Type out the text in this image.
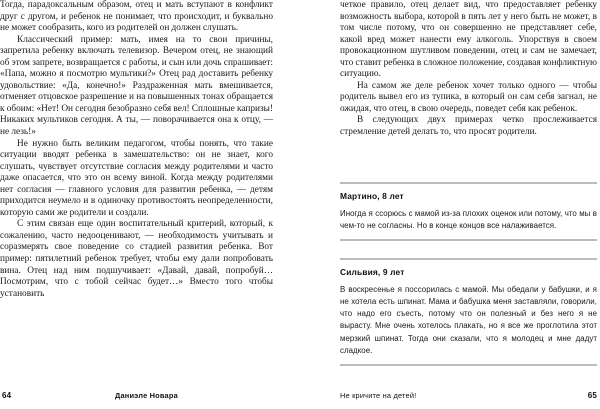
Тогда, парадоксальным образом, отец и мать вступают в конфликт друг с другом, и ребенок не понимает, что происходит, и буквально не может сообразить, кого из родителей он должен слушать.

Классический пример: мать, имея на то свои причины, запретила ребенку включать телевизор. Вечером отец, не знающий об этом запрете, возвращается с работы, и сын или дочь спрашивает: «Папа, можно я посмотрю мультики?» Отец рад доставить ребенку удовольствие: «Да, конечно!» Раздраженная мать вмешивается, отменяет отцовское разрешение и на повышенных тонах обращается к обоим: «Нет! Он сегодня безобразно себя вел! Сплошные капризы! Никаких мультиков сегодня. А ты, — поворачивается она к отцу, — не лезь!»

Не нужно быть великим педагогом, чтобы понять, что такие ситуации вводят ребенка в замешательство: он не знает, кого слушать, чувствует отсутствие согласия между родителями и часто даже опасается, что это он всему виной. Когда между родителями нет согласия — главного условия для развития ребенка, — детям приходится неумело и в одиночку противостоять неопределенности, которую сами же родители и создали.

С этим связан еще один воспитательный критерий, который, к сожалению, часто недооценивают, — необходимость учитывать и соразмерять свое поведение со стадией развития ребенка. Вот пример: пятилетний ребенок требует, чтобы ему дали попробовать вина. Отец над ним подшучивает: «Давай, давай, попробуй… Посмотрим, что с тобой сейчас будет…» Вместо того чтобы установить

64	Даниэле Новара

четкое правило, отец делает вид, что предоставляет ребенку возможность выбора, которой в пять лет у него быть не может, в том числе потому, что он совершенно не представляет себе, какой вред может нанести ему алкоголь. Упорствуя в своем провокационном шутливом поведении, отец и сам не замечает, что ставит ребенка в сложное положение, создавая конфликтную ситуацию.

На самом же деле ребенок хочет только одного — чтобы родитель вывел его из тупика, в который он сам себя загнал, не ожидая, что отец, в свою очередь, поведет себя как ребенок.

В следующих двух примерах четко прослеживается стремление детей делать то, что просят родители.

Мартино, 8 лет

Иногда я ссорюсь с мамой из-за плохих оценок или потому, что мы в чем-то не согласны. Но в конце концов все налаживается.

Сильвия, 9 лет

В воскресенье я поссорилась с мамой. Мы обедали у бабушки, и я не хотела есть шпинат. Мама и бабушка меня заставляли, говорили, что надо его съесть, потому что он полезный и без него я не вырасту. Мне очень хотелось плакать, но я все же проглотила этот мерзкий шпинат. Тогда они сказали, что я молодец и мне дадут сладкое.

Не кричите на детей!	65
